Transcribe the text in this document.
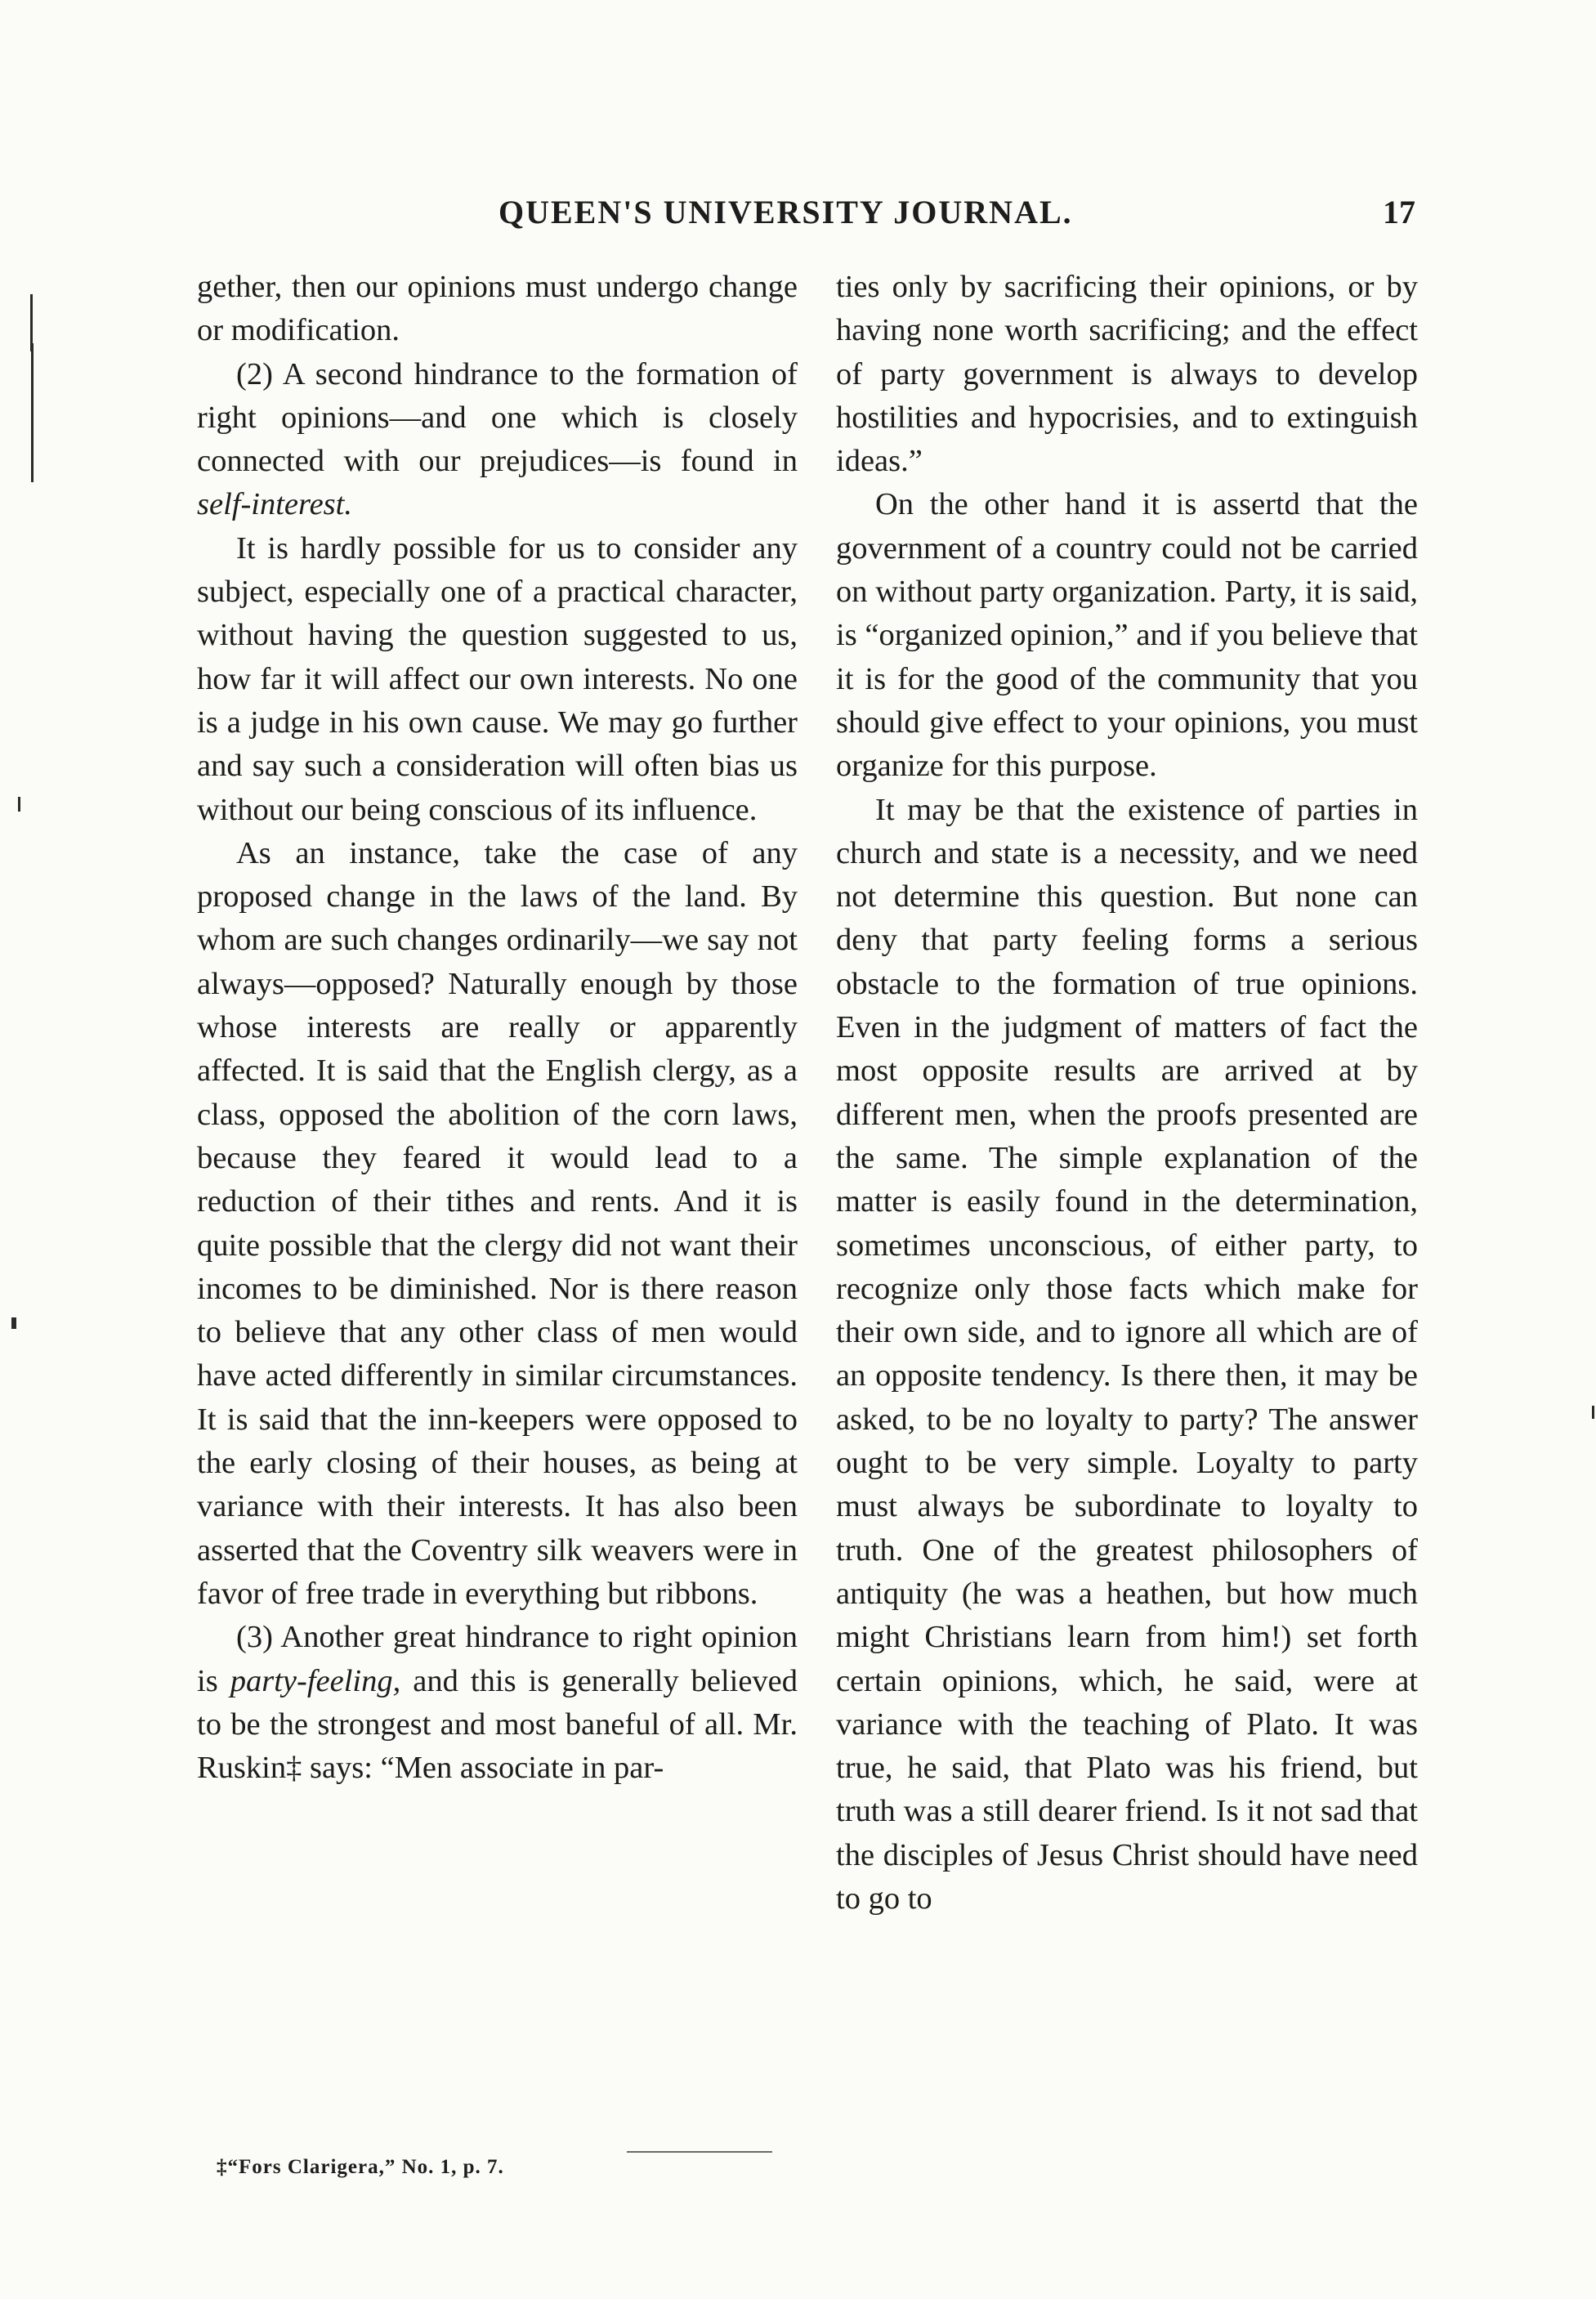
QUEEN'S UNIVERSITY JOURNAL.	17

gether, then our opinions must undergo change or modification.

(2) A second hindrance to the formation of right opinions—and one which is closely connected with our prejudices—is found in self-interest.

It is hardly possible for us to consider any subject, especially one of a practical character, without having the question suggested to us, how far it will affect our own interests. No one is a judge in his own cause. We may go further and say such a consideration will often bias us without our being conscious of its influence.

As an instance, take the case of any proposed change in the laws of the land. By whom are such changes ordinarily—we say not always—opposed? Naturally enough by those whose interests are really or apparently affected. It is said that the English clergy, as a class, opposed the abolition of the corn laws, because they feared it would lead to a reduction of their tithes and rents. And it is quite possible that the clergy did not want their incomes to be diminished. Nor is there reason to believe that any other class of men would have acted differently in similar circumstances. It is said that the inn-keepers were opposed to the early closing of their houses, as being at variance with their interests. It has also been asserted that the Coventry silk weavers were in favor of free trade in everything but ribbons.

(3) Another great hindrance to right opinion is party-feeling, and this is generally believed to be the strongest and most baneful of all. Mr. Ruskin‡ says: “Men associate in par-

ties only by sacrificing their opinions, or by having none worth sacrificing; and the effect of party government is always to develop hostilities and hypocrisies, and to extinguish ideas.”

On the other hand it is assertd that the government of a country could not be carried on without party organization. Party, it is said, is “organized opinion,” and if you believe that it is for the good of the community that you should give effect to your opinions, you must organize for this purpose.

It may be that the existence of parties in church and state is a necessity, and we need not determine this question. But none can deny that party feeling forms a serious obstacle to the formation of true opinions. Even in the judgment of matters of fact the most opposite results are arrived at by different men, when the proofs presented are the same. The simple explanation of the matter is easily found in the determination, sometimes unconscious, of either party, to recognize only those facts which make for their own side, and to ignore all which are of an opposite tendency. Is there then, it may be asked, to be no loyalty to party? The answer ought to be very simple. Loyalty to party must always be subordinate to loyalty to truth. One of the greatest philosophers of antiquity (he was a heathen, but how much might Christians learn from him!) set forth certain opinions, which, he said, were at variance with the teaching of Plato. It was true, he said, that Plato was his friend, but truth was a still dearer friend. Is it not sad that the disciples of Jesus Christ should have need to go to

‡“Fors Clarigera,” No. 1, p. 7.
